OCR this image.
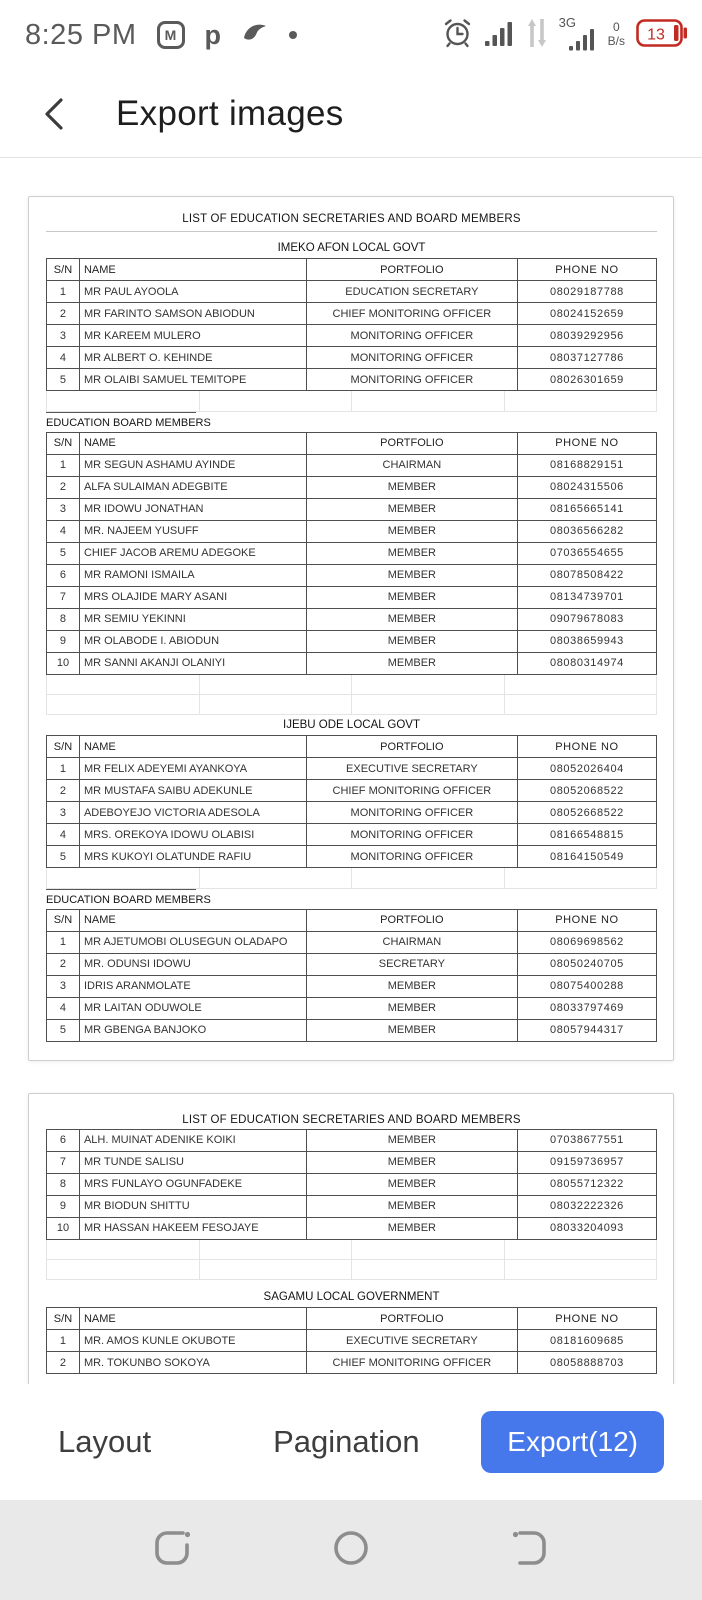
8:25 PM M p	3G	0
B/s 13
Export images
LIST OF EDUCATION SECRETARIES AND BOARD MEMBERS
IMEKO AFON LOCAL GOVT
S/N	NAME	PORTFOLIO	PHONE NO
1	MR PAUL AYOOLA	EDUCATION SECRETARY	08029187788
2	MR FARINTO SAMSON ABIODUN	CHIEF MONITORING OFFICER	08024152659
3	MR KAREEM MULERO	MONITORING OFFICER	08039292956
4	MR ALBERT O. KEHINDE	MONITORING OFFICER	08037127786
5	MR OLAIBI SAMUEL TEMITOPE	MONITORING OFFICER	08026301659

EDUCATION BOARD MEMBERS
S/N	NAME	PORTFOLIO	PHONE NO
1	MR SEGUN ASHAMU AYINDE	CHAIRMAN	08168829151
2	ALFA SULAIMAN ADEGBITE	MEMBER	08024315506
3	MR IDOWU JONATHAN	MEMBER	08165665141
4	MR. NAJEEM YUSUFF	MEMBER	08036566282
5	CHIEF JACOB AREMU ADEGOKE	MEMBER	07036554655
6	MR RAMONI ISMAILA	MEMBER	08078508422
7	MRS OLAJIDE MARY ASANI	MEMBER	08134739701
8	MR SEMIU YEKINNI	MEMBER	09079678083
9	MR OLABODE I. ABIODUN	MEMBER	08038659943
10	MR SANNI AKANJI OLANIYI	MEMBER	08080314974

IJEBU ODE LOCAL GOVT
S/N	NAME	PORTFOLIO	PHONE NO
1	MR FELIX ADEYEMI AYANKOYA	EXECUTIVE SECRETARY	08052026404
2	MR MUSTAFA SAIBU ADEKUNLE	CHIEF MONITORING OFFICER	08052068522
3	ADEBOYEJO VICTORIA ADESOLA	MONITORING OFFICER	08052668522
4	MRS. OREKOYA IDOWU OLABISI	MONITORING OFFICER	08166548815
5	MRS KUKOYI OLATUNDE RAFIU	MONITORING OFFICER	08164150549

EDUCATION BOARD MEMBERS
S/N	NAME	PORTFOLIO	PHONE NO
1	MR AJETUMOBI OLUSEGUN OLADAPO	CHAIRMAN	08069698562
2	MR. ODUNSI IDOWU	SECRETARY	08050240705
3	IDRIS ARANMOLATE	MEMBER	08075400288
4	MR LAITAN ODUWOLE	MEMBER	08033797469
5	MR GBENGA BANJOKO	MEMBER	08057944317
LIST OF EDUCATION SECRETARIES AND BOARD MEMBERS
6	ALH. MUINAT ADENIKE KOIKI	MEMBER	07038677551
7	MR TUNDE SALISU	MEMBER	09159736957
8	MRS FUNLAYO OGUNFADEKE	MEMBER	08055712322
9	MR BIODUN SHITTU	MEMBER	08032222326
10	MR HASSAN HAKEEM FESOJAYE	MEMBER	08033204093

SAGAMU LOCAL GOVERNMENT
S/N	NAME	PORTFOLIO	PHONE NO
1	MR. AMOS KUNLE OKUBOTE	EXECUTIVE SECRETARY	08181609685
2	MR. TOKUNBO SOKOYA	CHIEF MONITORING OFFICER	08058888703
Layout	Pagination	Export(12)
